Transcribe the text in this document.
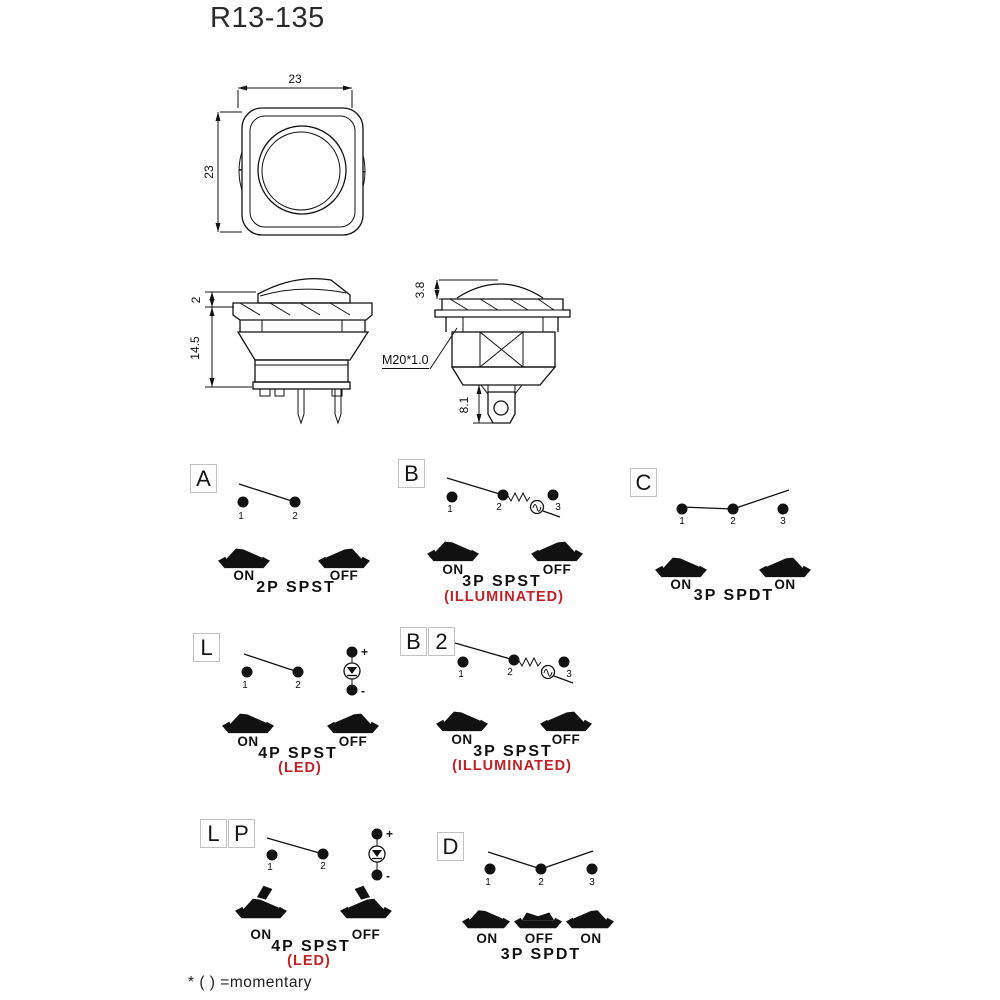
R13-135
23
23
2
14.5
3.8
8.1
M20*1.0
A
1	2
ON	OFF
2P SPST
B
1	2	3
ON	OFF
3P SPST
(ILLUMINATED)
C
1	2	3
ON	ON
3P SPDT
L
1	2
+
-
ON	OFF
4P SPST
(LED)
B 2
1	2	3
ON	OFF
3P SPST
(ILLUMINATED)
L P
1	2
+
-
ON	OFF
4P SPST
(LED)
D
1	2	3
ON OFF ON
3P SPDT
* ( ) =momentary
